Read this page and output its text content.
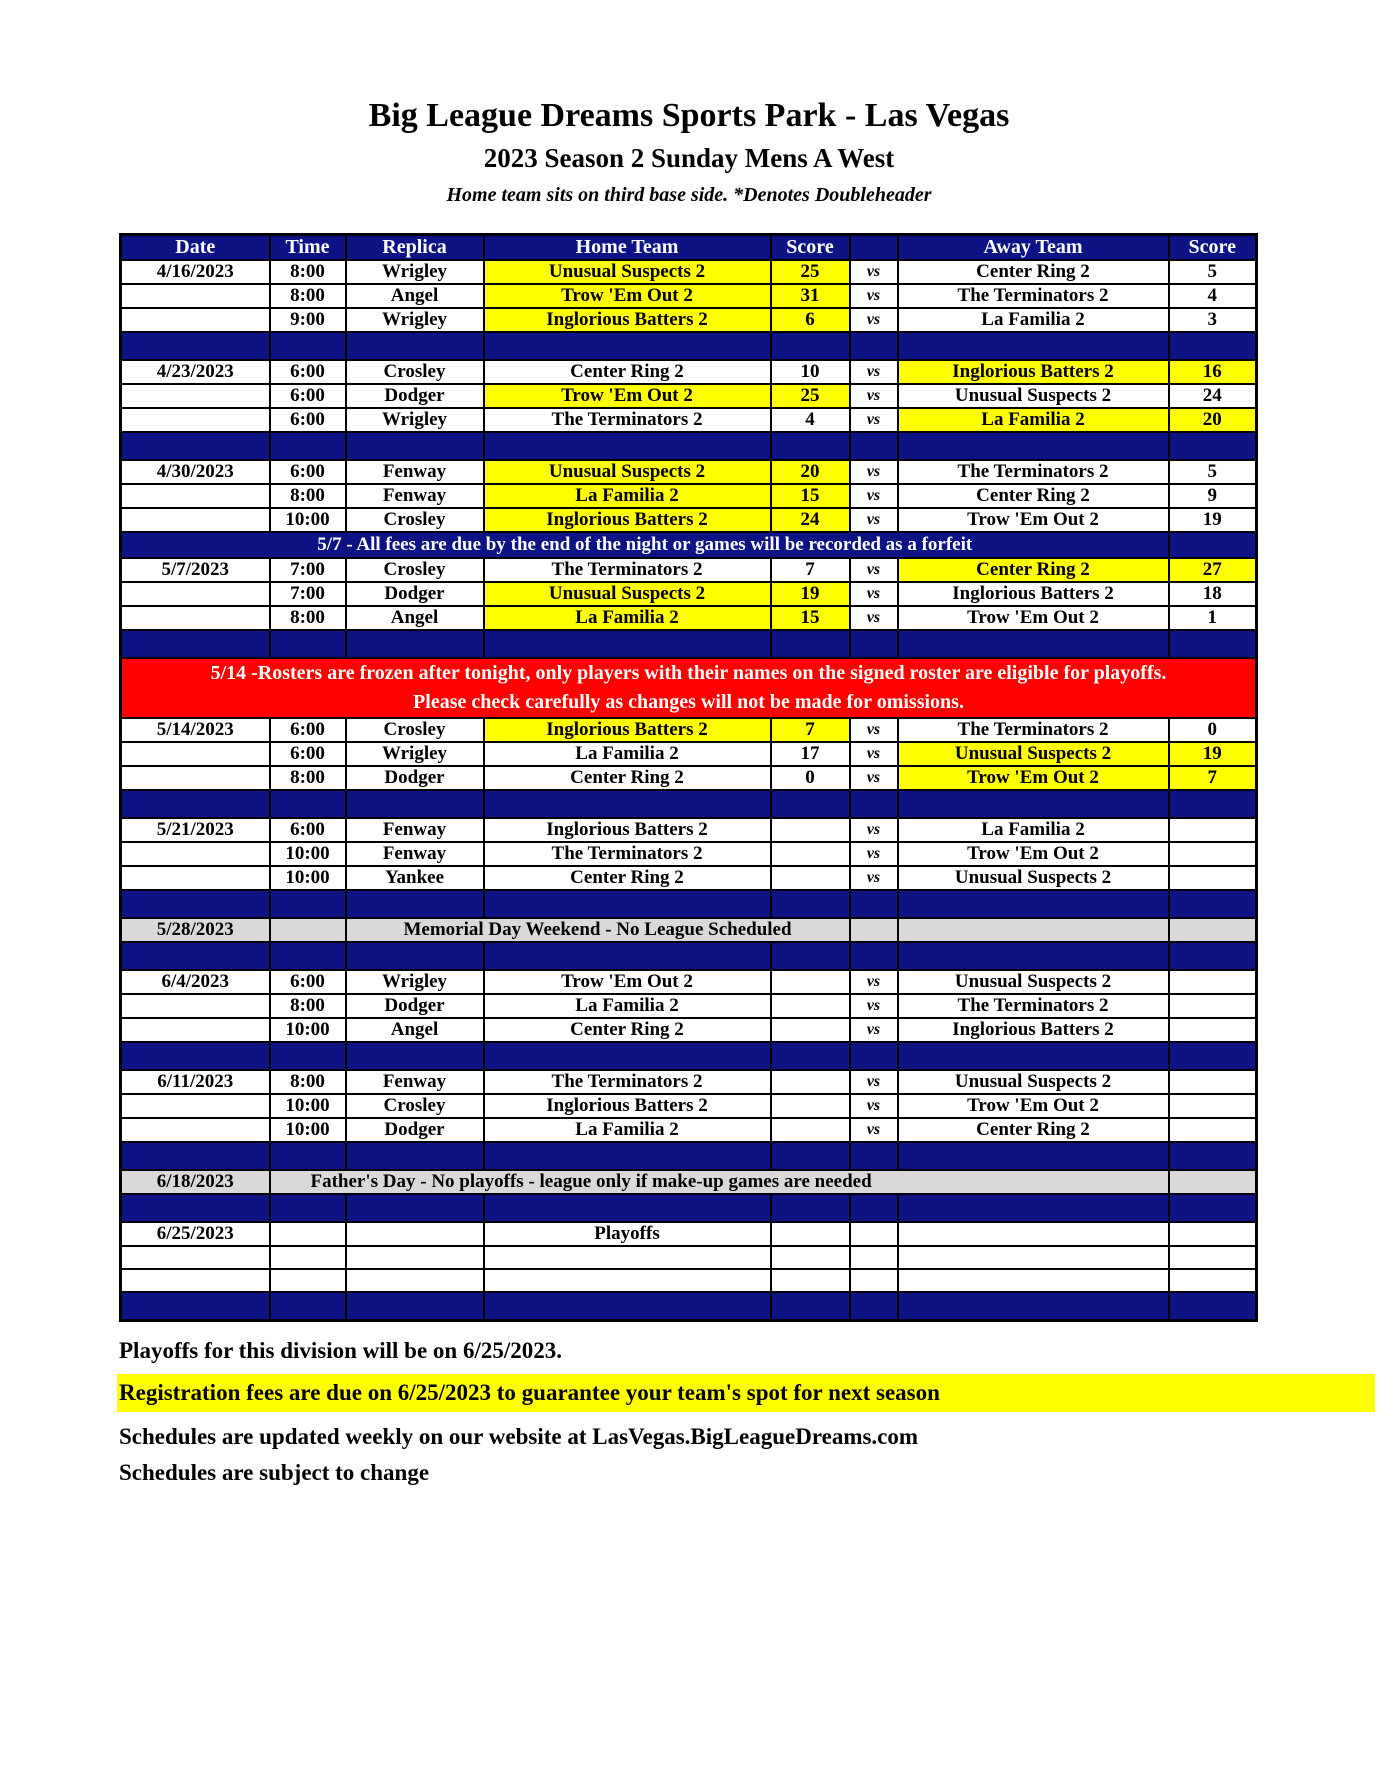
Big League Dreams Sports Park - Las Vegas
2023 Season 2 Sunday Mens A West
Home team sits on third base side. *Denotes Doubleheader
Date	Time	Replica	Home Team	Score		Away Team	Score
4/16/2023	8:00	Wrigley	Unusual Suspects 2	25	vs	Center Ring 2	5
	8:00	Angel	Trow 'Em Out 2	31	vs	The Terminators 2	4
	9:00	Wrigley	Inglorious Batters 2	6	vs	La Familia 2	3

4/23/2023	6:00	Crosley	Center Ring 2	10	vs	Inglorious Batters 2	16
	6:00	Dodger	Trow 'Em Out 2	25	vs	Unusual Suspects 2	24
	6:00	Wrigley	The Terminators 2	4	vs	La Familia 2	20

4/30/2023	6:00	Fenway	Unusual Suspects 2	20	vs	The Terminators 2	5
	8:00	Fenway	La Familia 2	15	vs	Center Ring 2	9
	10:00	Crosley	Inglorious Batters 2	24	vs	Trow 'Em Out 2	19
5/7 - All fees are due by the end of the night or games will be recorded as a forfeit							
5/7/2023	7:00	Crosley	The Terminators 2	7	vs	Center Ring 2	27
	7:00	Dodger	Unusual Suspects 2	19	vs	Inglorious Batters 2	18
	8:00	Angel	La Familia 2	15	vs	Trow 'Em Out 2	1

5/14 -Rosters are frozen after tonight, only players with their names on the signed roster are eligible for playoffs.
Please check carefully as changes will not be made for omissions.							

5/14/2023	6:00	Crosley	Inglorious Batters 2	7	vs	The Terminators 2	0
	6:00	Wrigley	La Familia 2	17	vs	Unusual Suspects 2	19
	8:00	Dodger	Center Ring 2	0	vs	Trow 'Em Out 2	7

5/21/2023	6:00	Fenway	Inglorious Batters 2		vs	La Familia 2	
	10:00	Fenway	The Terminators 2		vs	Trow 'Em Out 2	
	10:00	Yankee	Center Ring 2		vs	Unusual Suspects 2	

5/28/2023		Memorial Day Weekend - No League Scheduled					

6/4/2023	6:00	Wrigley	Trow 'Em Out 2		vs	Unusual Suspects 2	
	8:00	Dodger	La Familia 2		vs	The Terminators 2	
	10:00	Angel	Center Ring 2		vs	Inglorious Batters 2	

6/11/2023	8:00	Fenway	The Terminators 2		vs	Unusual Suspects 2	
	10:00	Crosley	Inglorious Batters 2		vs	Trow 'Em Out 2	
	10:00	Dodger	La Familia 2		vs	Center Ring 2	

6/18/2023	Father's Day - No playoffs - league only if make-up games are needed						

6/25/2023			Playoffs				

Playoffs for this division will be on 6/25/2023.
Registration fees are due on 6/25/2023 to guarantee your team's spot for next season
Schedules are updated weekly on our website at LasVegas.BigLeagueDreams.com
Schedules are subject to change
